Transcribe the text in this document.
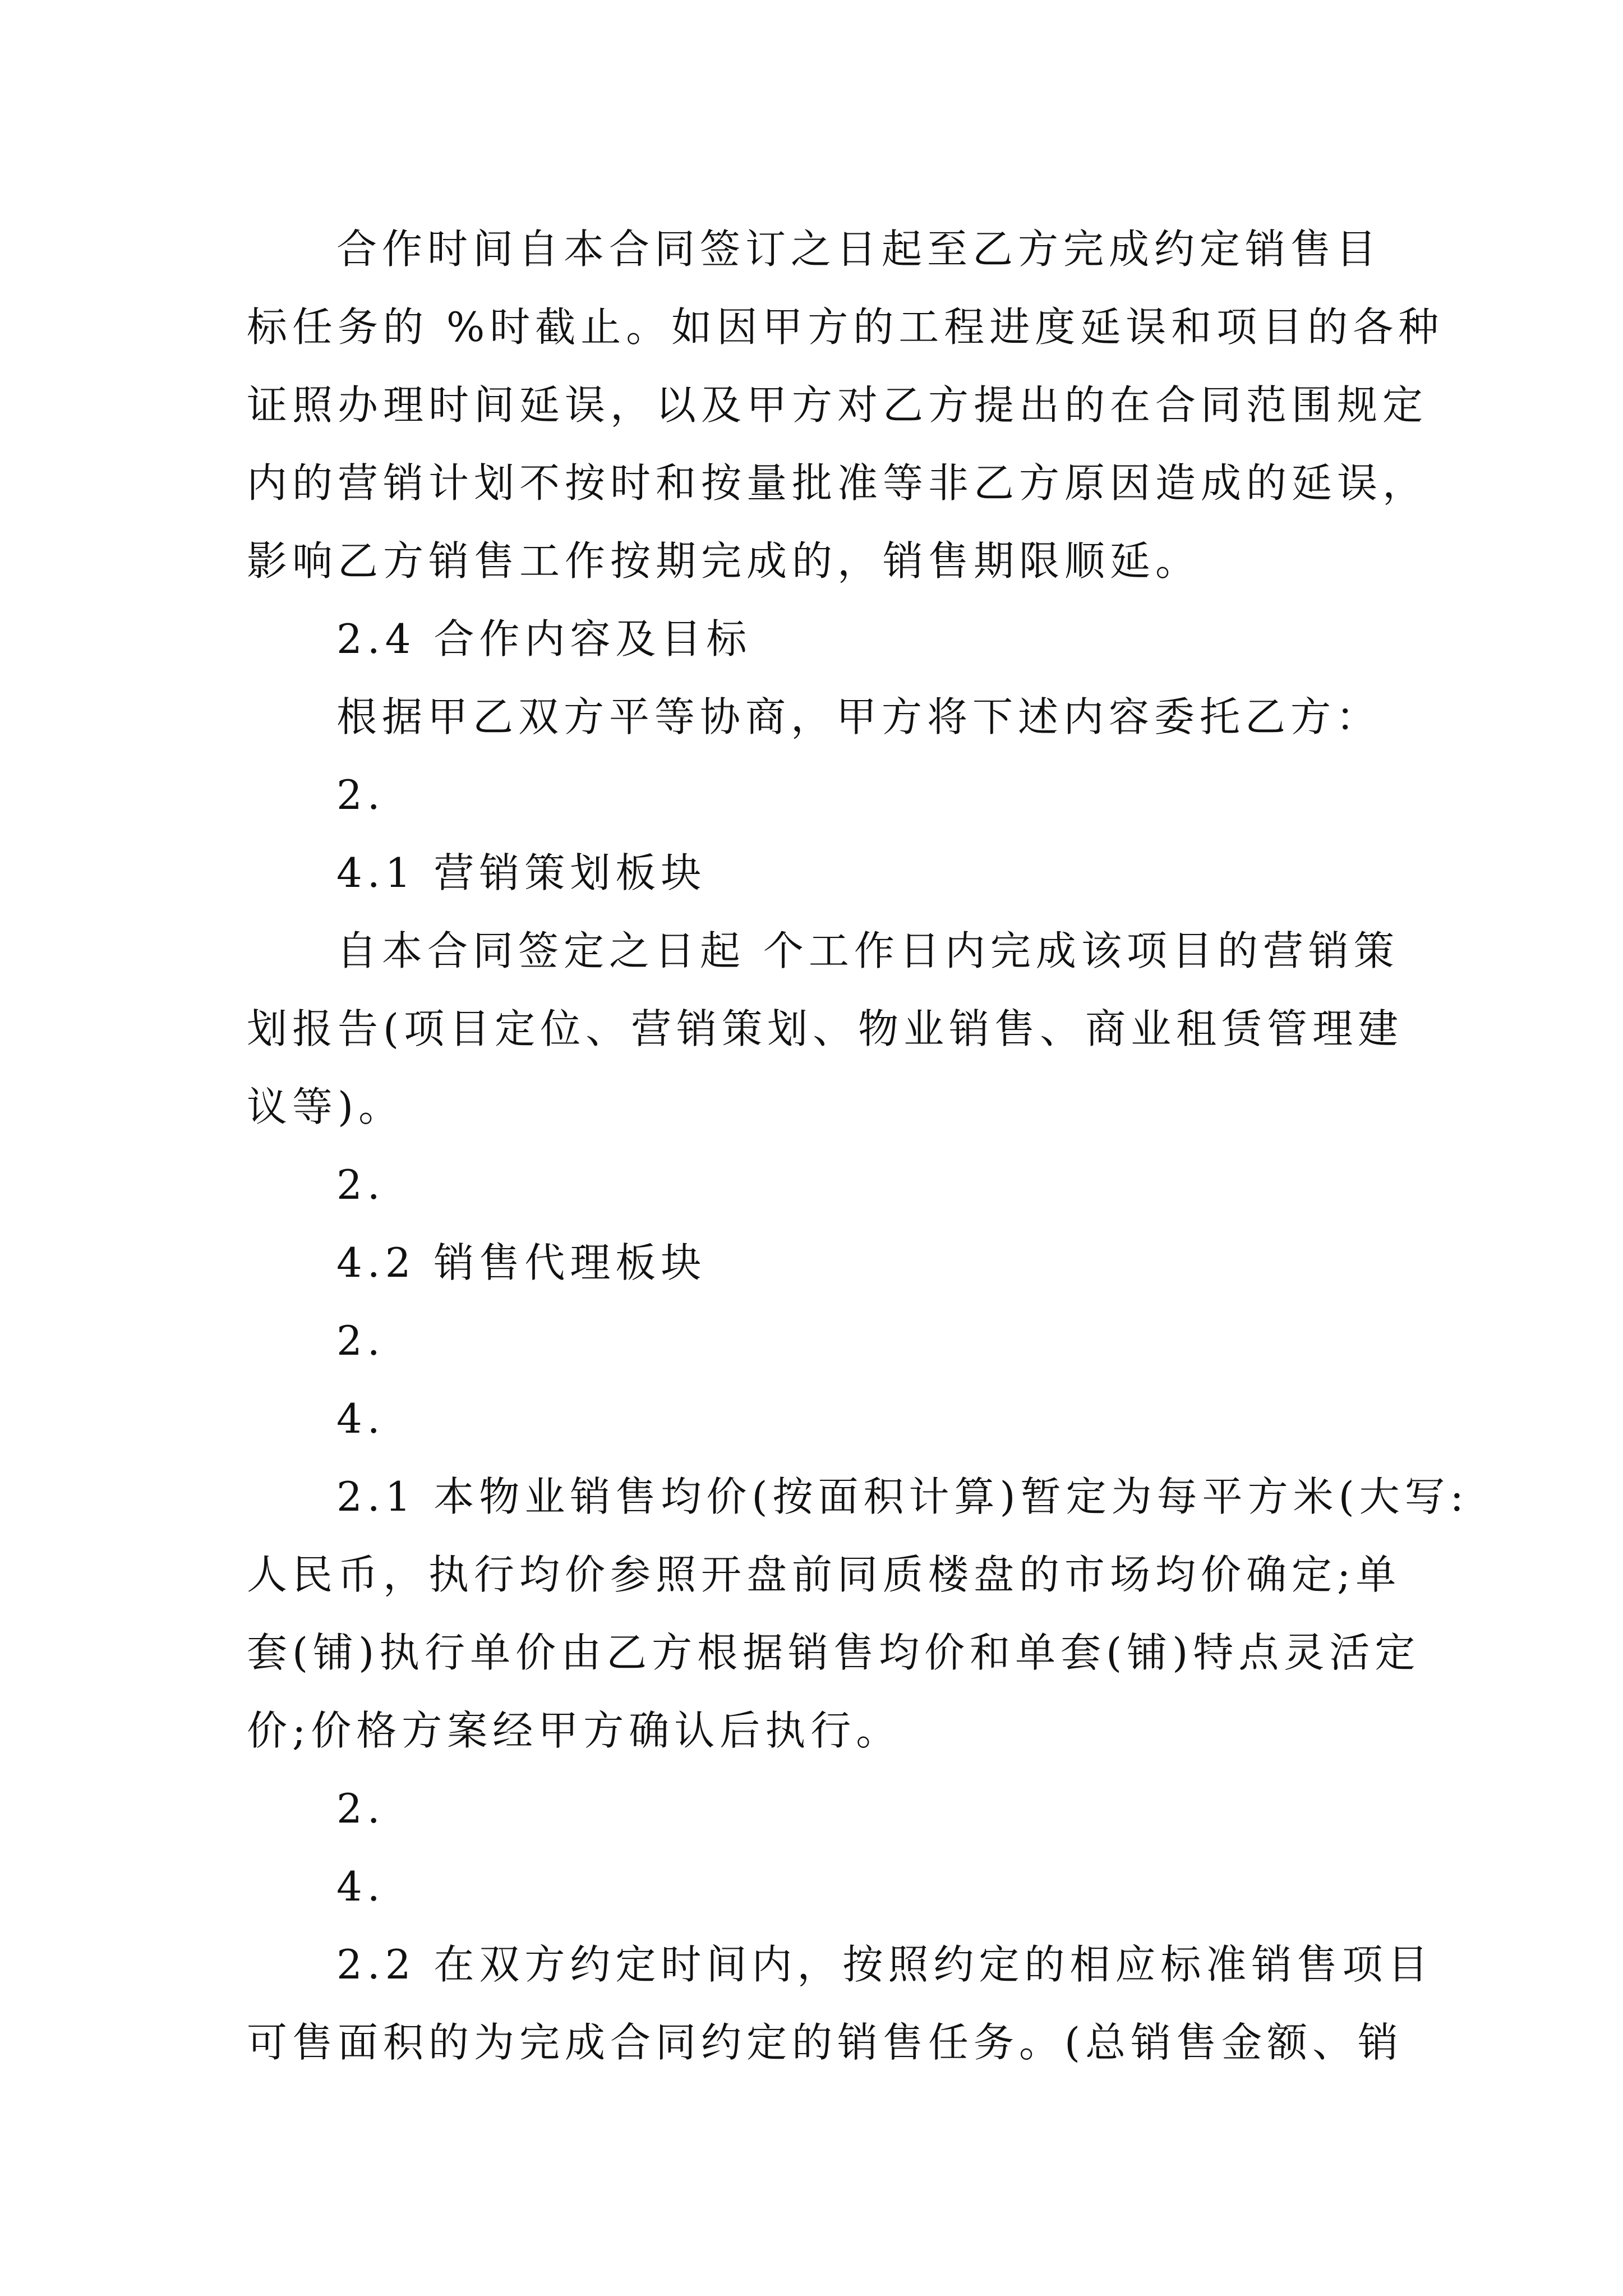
合作时间自本合同签订之日起至乙方完成约定销售目
标任务的 %时截止。如因甲方的工程进度延误和项目的各种
证照办理时间延误，以及甲方对乙方提出的在合同范围规定
内的营销计划不按时和按量批准等非乙方原因造成的延误，
影响乙方销售工作按期完成的，销售期限顺延。
2.4 合作内容及目标
根据甲乙双方平等协商，甲方将下述内容委托乙方：
2.
4.1 营销策划板块
自本合同签定之日起 个工作日内完成该项目的营销策
划报告(项目定位、营销策划、物业销售、商业租赁管理建
议等)。
2.
4.2 销售代理板块
2.
4.
2.1 本物业销售均价(按面积计算)暂定为每平方米(大写:
人民币，执行均价参照开盘前同质楼盘的市场均价确定;单
套(铺)执行单价由乙方根据销售均价和单套(铺)特点灵活定
价;价格方案经甲方确认后执行。
2.
4.
2.2 在双方约定时间内，按照约定的相应标准销售项目
可售面积的为完成合同约定的销售任务。(总销售金额、销
